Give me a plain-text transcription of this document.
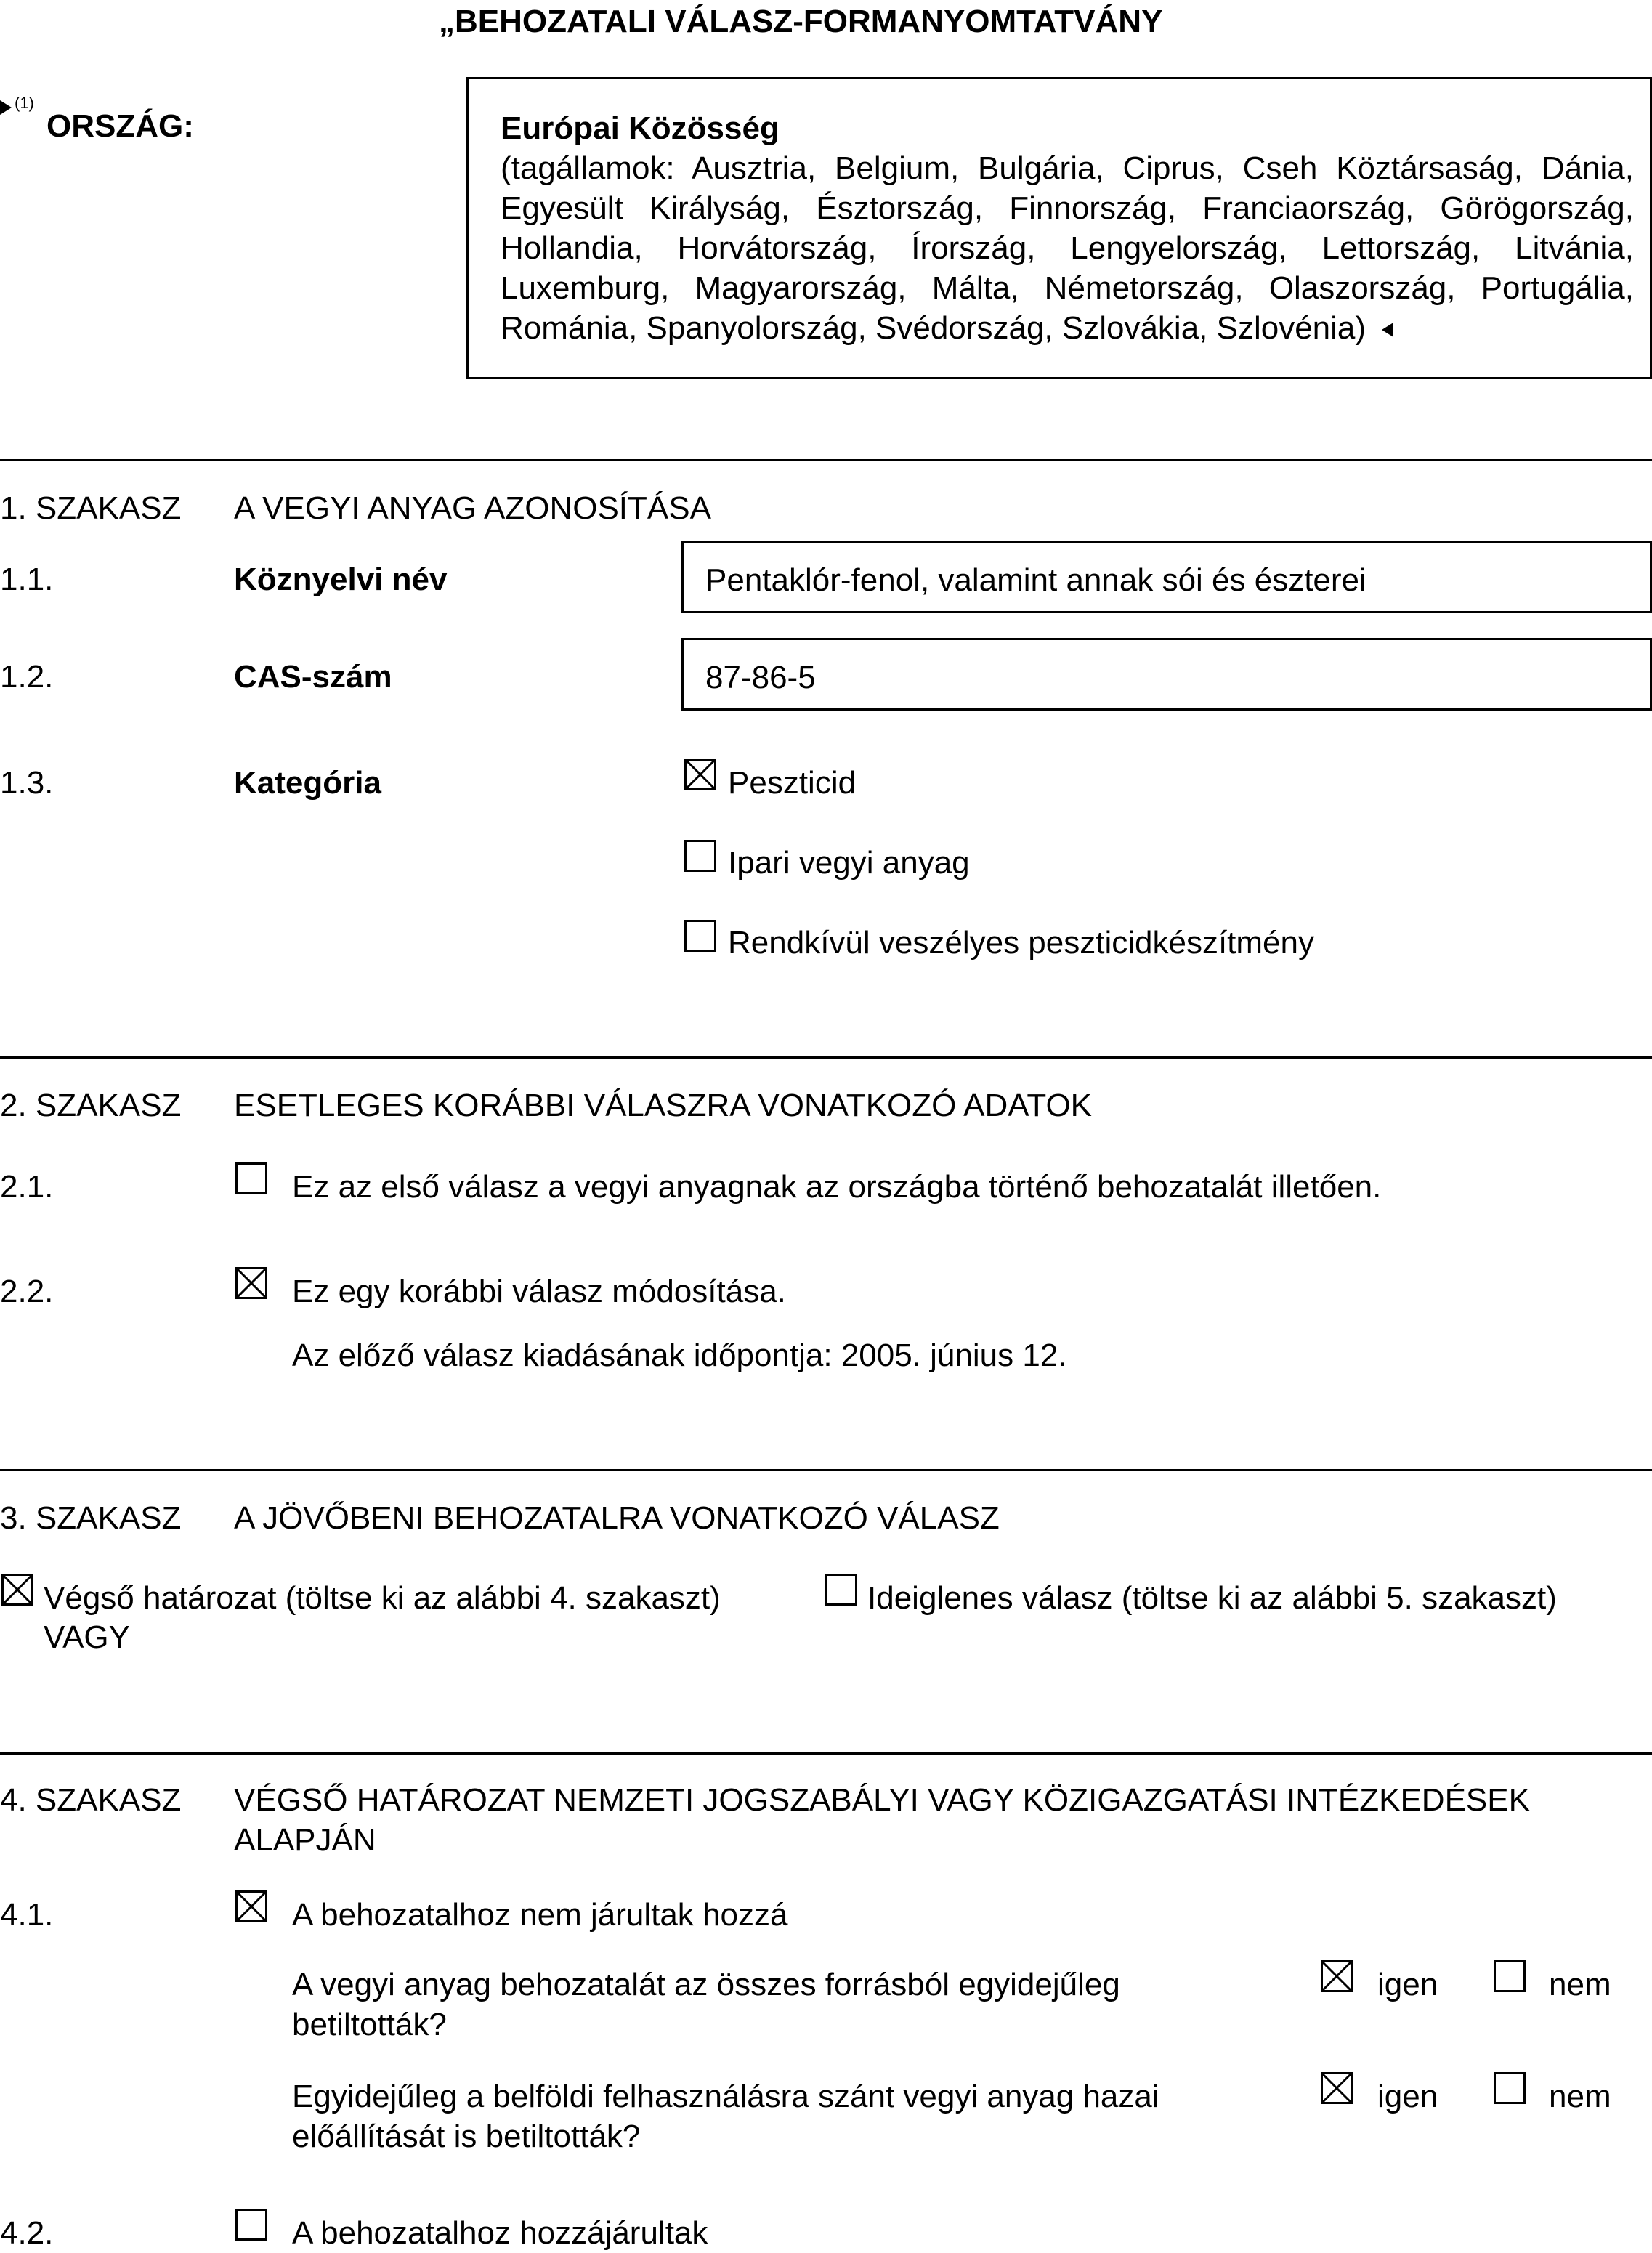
„BEHOZATALI VÁLASZ-FORMANYOMTATVÁNY
(1)
ORSZÁG:	Európai Közösség
(tagállamok: Ausztria, Belgium, Bulgária, Ciprus, Cseh Köztársaság, Dánia,
Egyesült Királyság, Észtország, Finnország, Franciaország, Görögország,
Hollandia, Horvátország, Írország, Lengyelország, Lettország, Litvánia,
Luxemburg, Magyarország, Málta, Németország, Olaszország, Portugália,
Románia, Spanyolország, Svédország, Szlovákia, Szlovénia)
1. SZAKASZ A VEGYI ANYAG AZONOSÍTÁSA
1.1.	Köznyelvi név	Pentaklór-fenol, valamint annak sói és észterei
1.2.	CAS-szám	87-86-5
1.3.	Kategória	Peszticid
Ipari vegyi anyag
Rendkívül veszélyes peszticidkészítmény
2. SZAKASZ ESETLEGES KORÁBBI VÁLASZRA VONATKOZÓ ADATOK
2.1.	Ez az első válasz a vegyi anyagnak az országba történő behozatalát illetően.
2.2.	Ez egy korábbi válasz módosítása.
Az előző válasz kiadásának időpontja: 2005. június 12.
3. SZAKASZ A JÖVŐBENI BEHOZATALRA VONATKOZÓ VÁLASZ
Végső határozat (töltse ki az alábbi 4. szakaszt)
VAGY
Ideiglenes válasz (töltse ki az alábbi 5. szakaszt)
4. SZAKASZ VÉGSŐ HATÁROZAT NEMZETI JOGSZABÁLYI VAGY KÖZIGAZGATÁSI INTÉZKEDÉSEK
ALAPJÁN
4.1.	A behozatalhoz nem járultak hozzá
A vegyi anyag behozatalát az összes forrásból egyidejűleg
betiltották?
igen	nem
Egyidejűleg a belföldi felhasználásra szánt vegyi anyag hazai
előállítását is betiltották?
igen	nem
4.2.	A behozatalhoz hozzájárultak
